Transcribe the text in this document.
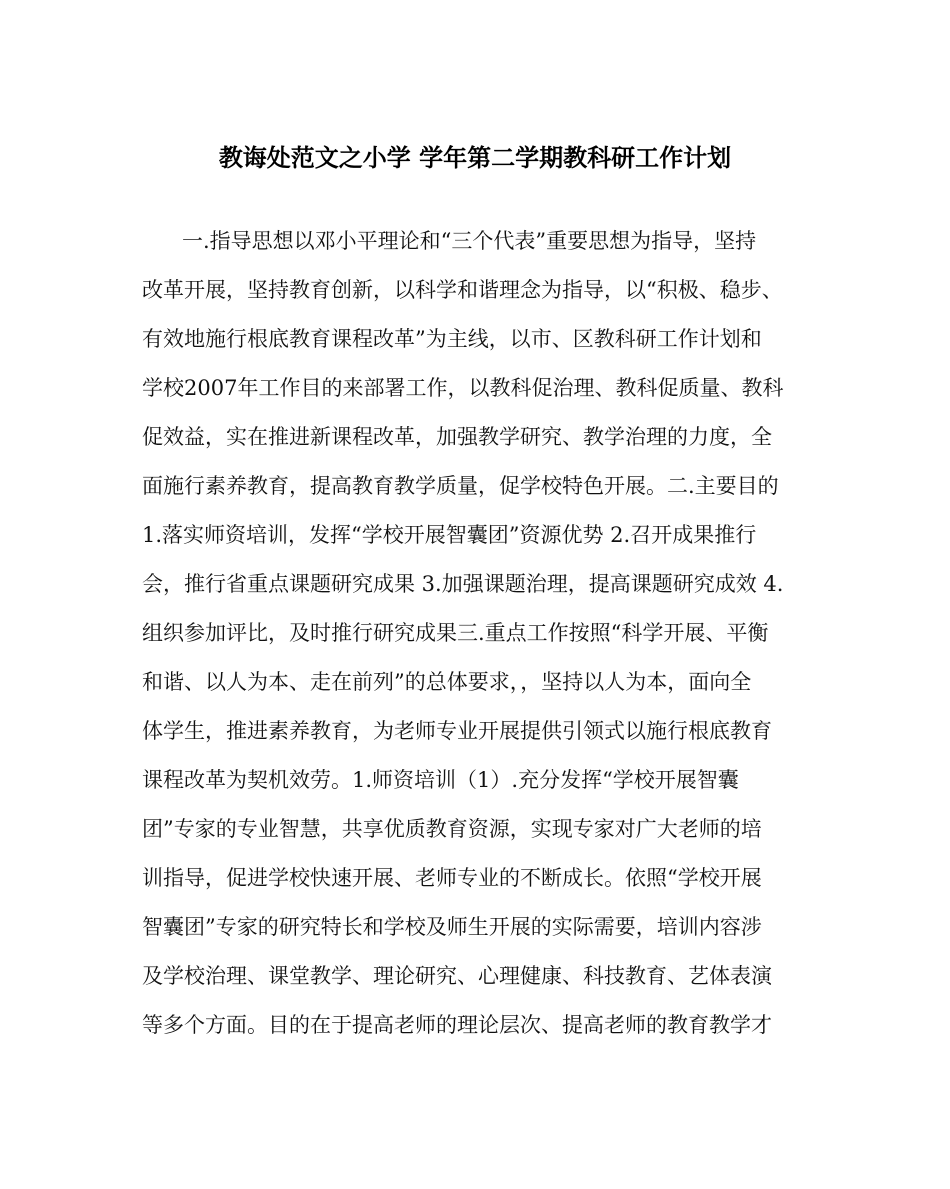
教诲处范文之小学 学年第二学期教科研工作计划
一.指导思想以邓小平理论和“三个代表”重要思想为指导，坚持
改革开展，坚持教育创新，以科学和谐理念为指导，以“积极、稳步、
有效地施行根底教育课程改革”为主线，以市、区教科研工作计划和
学校2007年工作目的来部署工作，以教科促治理、教科促质量、教科
促效益，实在推进新课程改革，加强教学研究、教学治理的力度，全
面施行素养教育，提高教育教学质量，促学校特色开展。二.主要目的
1.落实师资培训，发挥“学校开展智囊团”资源优势 2.召开成果推行
会，推行省重点课题研究成果 3.加强课题治理，提高课题研究成效 4.
组织参加评比，及时推行研究成果三.重点工作按照“科学开展、平衡
和谐、以人为本、走在前列”的总体要求，，坚持以人为本，面向全
体学生，推进素养教育，为老师专业开展提供引领式以施行根底教育
课程改革为契机效劳。1.师资培训（1）.充分发挥“学校开展智囊
团”专家的专业智慧，共享优质教育资源，实现专家对广大老师的培
训指导，促进学校快速开展、老师专业的不断成长。依照“学校开展
智囊团”专家的研究特长和学校及师生开展的实际需要，培训内容涉
及学校治理、课堂教学、理论研究、心理健康、科技教育、艺体表演
等多个方面。目的在于提高老师的理论层次、提高老师的教育教学才
